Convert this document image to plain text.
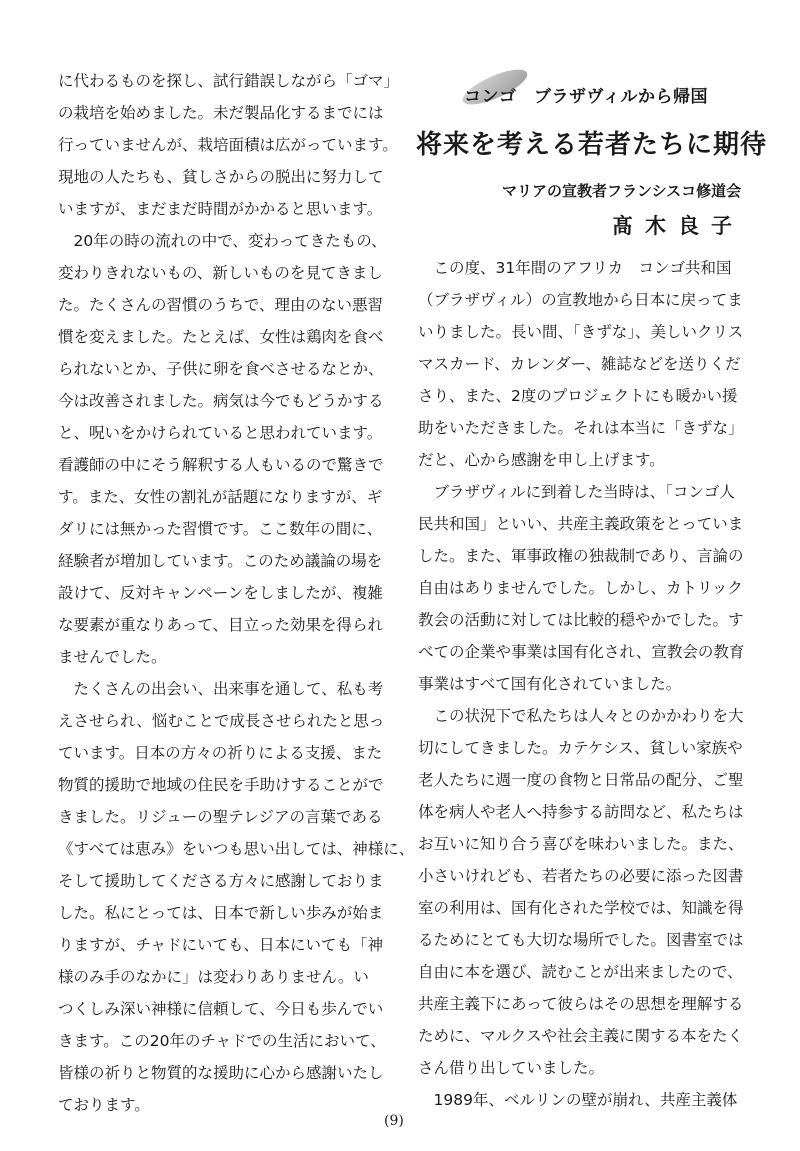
コンゴ　ブラザヴィルから帰国
将来を考える若者たちに期待
マリアの宣教者フランシスコ修道会
髙木良子
に代わるものを探し、試行錯誤しながら「ゴマ」
の栽培を始めました。未だ製品化するまでには
行っていませんが、栽培面積は広がっています。
現地の人たちも、貧しさからの脱出に努力して
いますが、まだまだ時間がかかると思います。
　20年の時の流れの中で、変わってきたもの、
変わりきれないもの、新しいものを見てきまし
た。たくさんの習慣のうちで、理由のない悪習
慣を変えました。たとえば、女性は鶏肉を食べ
られないとか、子供に卵を食べさせるなとか、
今は改善されました。病気は今でもどうかする
と、呪いをかけられていると思われています。
看護師の中にそう解釈する人もいるので驚きで
す。また、女性の割礼が話題になりますが、ギ
ダリには無かった習慣です。ここ数年の間に、
経験者が増加しています。このため議論の場を
設けて、反対キャンペーンをしましたが、複雑
な要素が重なりあって、目立った効果を得られ
ませんでした。
　たくさんの出会い、出来事を通して、私も考
えさせられ、悩むことで成長させられたと思っ
ています。日本の方々の祈りによる支援、また
物質的援助で地域の住民を手助けすることがで
きました。リジューの聖テレジアの言葉である
《すべては恵み》をいつも思い出しては、神様に、
そして援助してくださる方々に感謝しておりま
した。私にとっては、日本で新しい歩みが始ま
りますが、チャドにいても、日本にいても「神
様のみ手のなかに」は変わりありません。い
つくしみ深い神様に信頼して、今日も歩んでい
きます。この20年のチャドでの生活において、
皆様の祈りと物質的な援助に心から感謝いたし
ております。
　この度、31年間のアフリカ　コンゴ共和国
（ブラザヴィル）の宣教地から日本に戻ってま
いりました。長い間、「きずな」、美しいクリス
マスカード、カレンダー、雑誌などを送りくだ
さり、また、2度のプロジェクトにも暖かい援
助をいただきました。それは本当に「きずな」
だと、心から感謝を申し上げます。
　ブラザヴィルに到着した当時は、「コンゴ人
民共和国」といい、共産主義政策をとっていま
した。また、軍事政権の独裁制であり、言論の
自由はありませんでした。しかし、カトリック
教会の活動に対しては比較的穏やかでした。す
べての企業や事業は国有化され、宣教会の教育
事業はすべて国有化されていました。
　この状況下で私たちは人々とのかかわりを大
切にしてきました。カテケシス、貧しい家族や
老人たちに週一度の食物と日常品の配分、ご聖
体を病人や老人へ持参する訪問など、私たちは
お互いに知り合う喜びを味わいました。また、
小さいけれども、若者たちの必要に添った図書
室の利用は、国有化された学校では、知識を得
るためにとても大切な場所でした。図書室では
自由に本を選び、読むことが出来ましたので、
共産主義下にあって彼らはその思想を理解する
ために、マルクスや社会主義に関する本をたく
さん借り出していました。
　1989年、ベルリンの壁が崩れ、共産主義体
(9)
